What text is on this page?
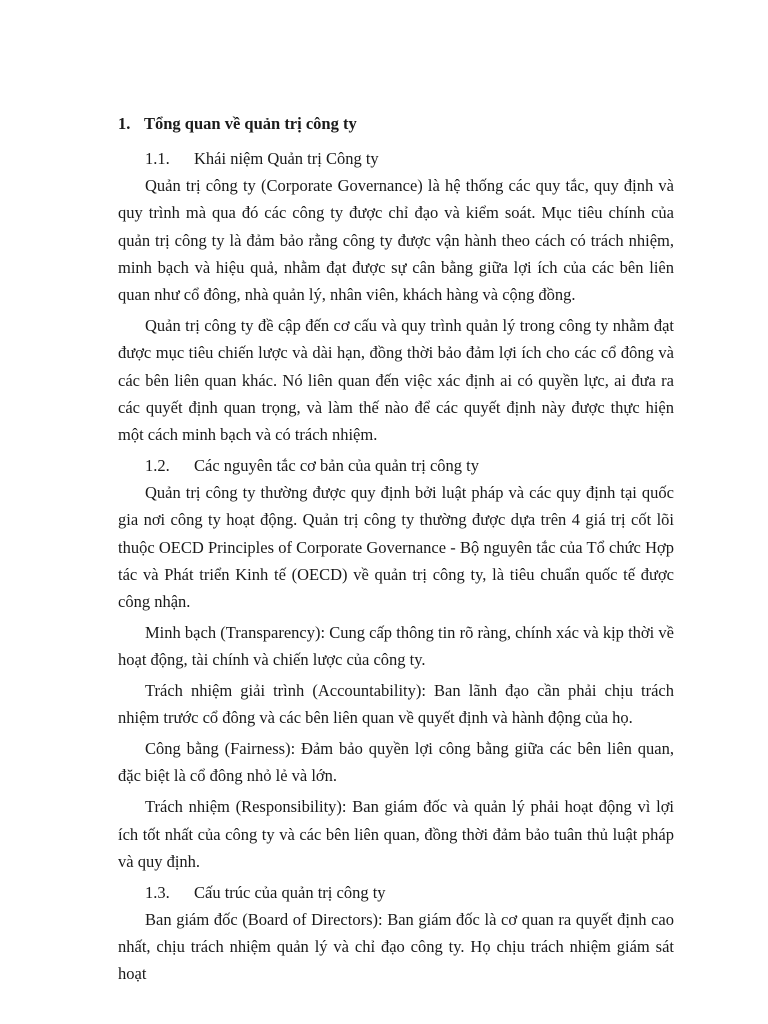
1. Tổng quan về quản trị công ty
1.1. Khái niệm Quản trị Công ty

Quản trị công ty (Corporate Governance) là hệ thống các quy tắc, quy định và quy trình mà qua đó các công ty được chỉ đạo và kiểm soát. Mục tiêu chính của quản trị công ty là đảm bảo rằng công ty được vận hành theo cách có trách nhiệm, minh bạch và hiệu quả, nhằm đạt được sự cân bằng giữa lợi ích của các bên liên quan như cổ đông, nhà quản lý, nhân viên, khách hàng và cộng đồng.

Quản trị công ty đề cập đến cơ cấu và quy trình quản lý trong công ty nhằm đạt được mục tiêu chiến lược và dài hạn, đồng thời bảo đảm lợi ích cho các cổ đông và các bên liên quan khác. Nó liên quan đến việc xác định ai có quyền lực, ai đưa ra các quyết định quan trọng, và làm thế nào để các quyết định này được thực hiện một cách minh bạch và có trách nhiệm.

1.2. Các nguyên tắc cơ bản của quản trị công ty

Quản trị công ty thường được quy định bởi luật pháp và các quy định tại quốc gia nơi công ty hoạt động. Quản trị công ty thường được dựa trên 4 giá trị cốt lõi thuộc OECD Principles of Corporate Governance - Bộ nguyên tắc của Tổ chức Hợp tác và Phát triển Kinh tế (OECD) về quản trị công ty, là tiêu chuẩn quốc tế được công nhận.

Minh bạch (Transparency): Cung cấp thông tin rõ ràng, chính xác và kịp thời về hoạt động, tài chính và chiến lược của công ty.

Trách nhiệm giải trình (Accountability): Ban lãnh đạo cần phải chịu trách nhiệm trước cổ đông và các bên liên quan về quyết định và hành động của họ.

Công bằng (Fairness): Đảm bảo quyền lợi công bằng giữa các bên liên quan, đặc biệt là cổ đông nhỏ lẻ và lớn.

Trách nhiệm (Responsibility): Ban giám đốc và quản lý phải hoạt động vì lợi ích tốt nhất của công ty và các bên liên quan, đồng thời đảm bảo tuân thủ luật pháp và quy định.

1.3. Cấu trúc của quản trị công ty

Ban giám đốc (Board of Directors): Ban giám đốc là cơ quan ra quyết định cao nhất, chịu trách nhiệm quản lý và chỉ đạo công ty. Họ chịu trách nhiệm giám sát hoạt
